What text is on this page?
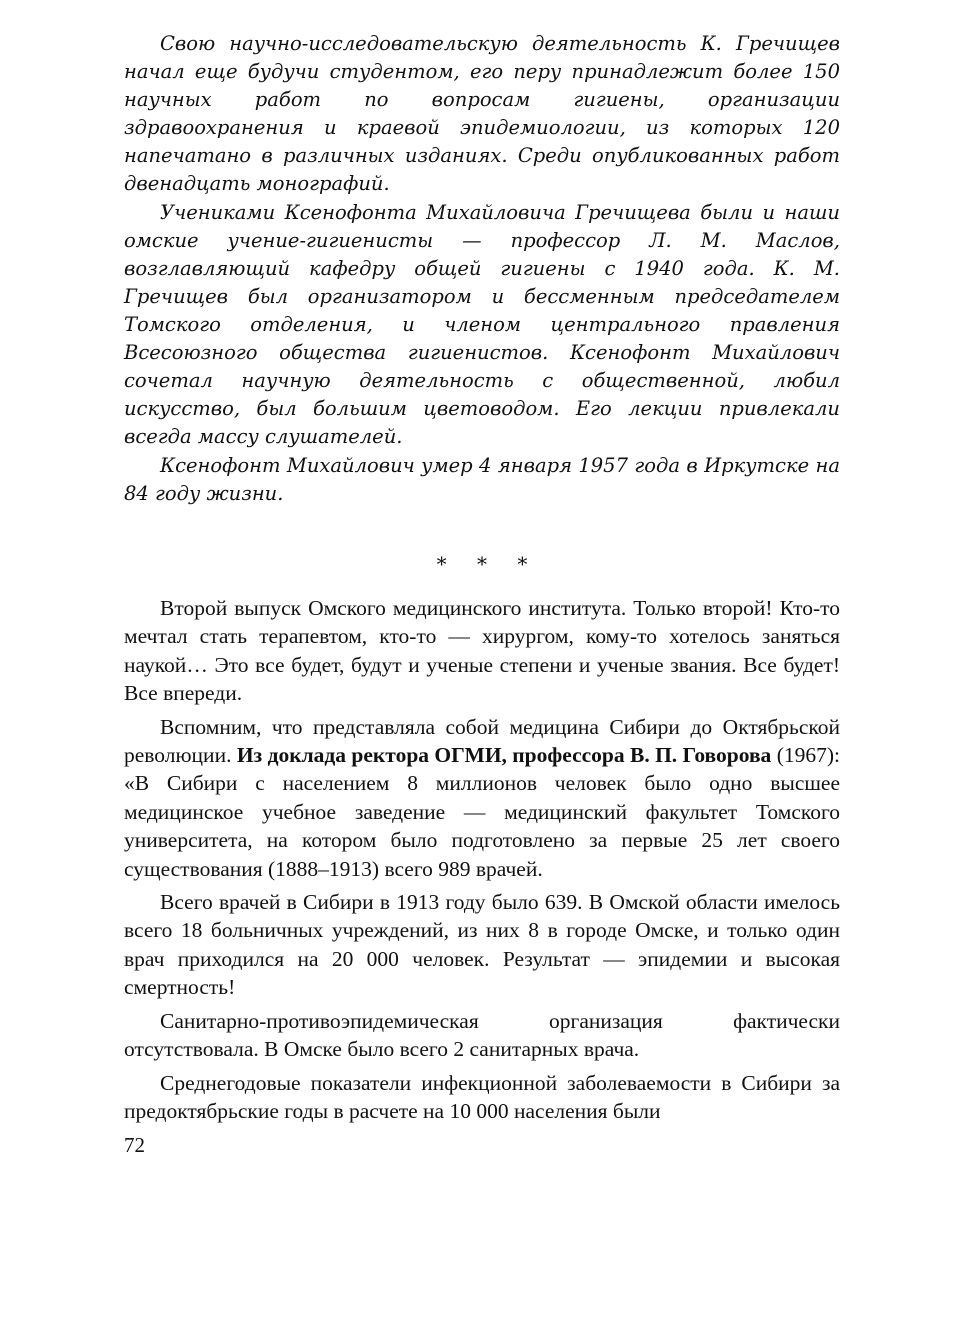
Свою научно-исследовательскую деятельность К. Гречищев начал еще будучи студентом, его перу принадлежит более 150 научных работ по вопросам гигиены, организации здравоохранения и краевой эпидемиологии, из которых 120 напечатано в различных изданиях. Среди опубликованных работ двенадцать монографий.

Учениками Ксенофонта Михайловича Гречищева были и наши омские учение-гигиенисты — профессор Л. М. Маслов, возглавляющий кафедру общей гигиены с 1940 года. К. М. Гречищев был организатором и бессменным председателем Томского отделения, и членом центрального правления Всесоюзного общества гигиенистов. Ксенофонт Михайлович сочетал научную деятельность с общественной, любил искусство, был большим цветоводом. Его лекции привлекали всегда массу слушателей.

Ксенофонт Михайлович умер 4 января 1957 года в Иркутске на 84 году жизни.

* * *

Второй выпуск Омского медицинского института. Только второй! Кто-то мечтал стать терапевтом, кто-то — хирургом, кому-то хотелось заняться наукой… Это все будет, будут и ученые степени и ученые звания. Все будет! Все впереди.

Вспомним, что представляла собой медицина Сибири до Октябрьской революции. Из доклада ректора ОГМИ, профессора В. П. Говорова (1967): «В Сибири с населением 8 миллионов человек было одно высшее медицинское учебное заведение — медицинский факультет Томского университета, на котором было подготовлено за первые 25 лет своего существования (1888–1913) всего 989 врачей.

Всего врачей в Сибири в 1913 году было 639. В Омской области имелось всего 18 больничных учреждений, из них 8 в городе Омске, и только один врач приходился на 20 000 человек. Результат — эпидемии и высокая смертность!

Санитарно-противоэпидемическая организация фактически отсутствовала. В Омске было всего 2 санитарных врача.

Среднегодовые показатели инфекционной заболеваемости в Сибири за предоктябрьские годы в расчете на 10 000 населения были

72
